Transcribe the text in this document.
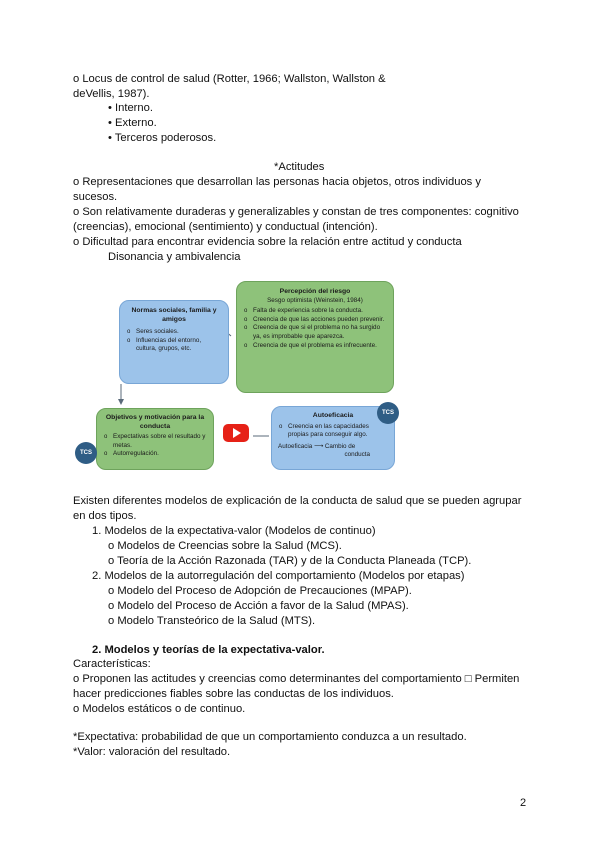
o Locus de control de salud (Rotter, 1966; Wallston, Wallston &
deVellis, 1987).
• Interno.
• Externo.
• Terceros poderosos.
*Actitudes
o Representaciones que desarrollan las personas hacia objetos, otros individuos y
sucesos.
o Son relativamente duraderas y generalizables y constan de tres componentes: cognitivo
(creencias), emocional (sentimiento) y conductual (intención).
o Dificultad para encontrar evidencia sobre la relación entre actitud y conducta
Disonancia y ambivalencia
Normas sociales, familia y amigos
o Seres sociales.
o Influencias del entorno, cultura, grupos, etc.
Percepción del riesgo
Sesgo optimista (Weinstein, 1984)
o Falta de experiencia sobre la conducta.
o Creencia de que las acciones pueden prevenir.
o Creencia de que si el problema no ha surgido ya, es improbable que aparezca.
o Creencia de que el problema es infrecuente.
Objetivos y motivación para la conducta
o Expectativas sobre el resultado y metas.
o Autorregulación.
Autoeficacia
o Creencia en las capacidades propias para conseguir algo.
Autoeficacia ⟶ Cambio de
conducta
TCS
TCS
Existen diferentes modelos de explicación de la conducta de salud que se pueden agrupar
en dos tipos.
1. Modelos de la expectativa-valor (Modelos de continuo)
o Modelos de Creencias sobre la Salud (MCS).
o Teoría de la Acción Razonada (TAR) y de la Conducta Planeada (TCP).
2. Modelos de la autorregulación del comportamiento (Modelos por etapas)
o Modelo del Proceso de Adopción de Precauciones (MPAP).
o Modelo del Proceso de Acción a favor de la Salud (MPAS).
o Modelo Transteórico de la Salud (MTS).
2. Modelos y teorías de la expectativa-valor.
Características:
o Proponen las actitudes y creencias como determinantes del comportamiento □ Permiten
hacer predicciones fiables sobre las conductas de los individuos.
o Modelos estáticos o de continuo.
*Expectativa: probabilidad de que un comportamiento conduzca a un resultado.
*Valor: valoración del resultado.
2
